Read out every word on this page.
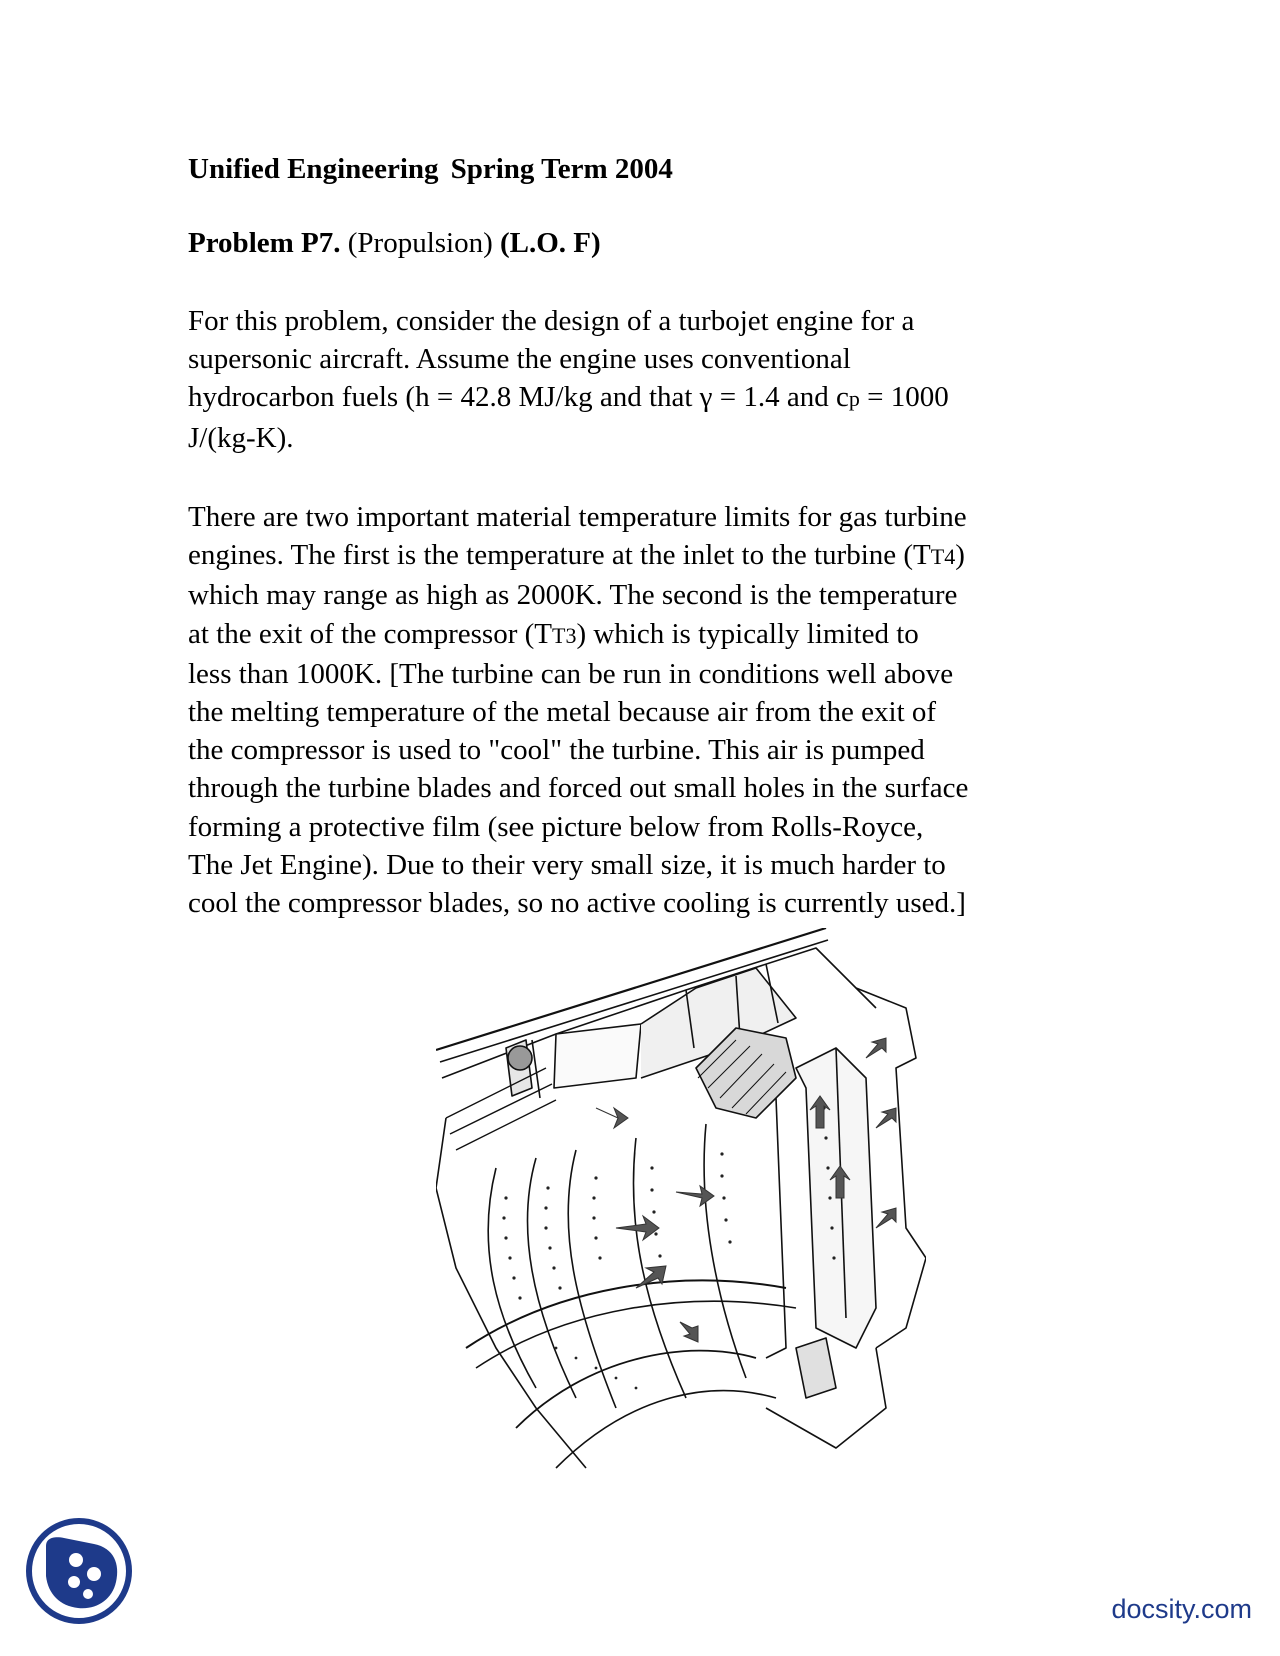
Unified Engineering Spring Term 2004
Problem P7. (Propulsion) (L.O. F)
For this problem, consider the design of a turbojet engine for a
supersonic aircraft. Assume the engine uses conventional
hydrocarbon fuels (h = 42.8 MJ/kg and that γ = 1.4 and cp = 1000
J/(kg-K).
There are two important material temperature limits for gas turbine
engines. The first is the temperature at the inlet to the turbine (TT4)
which may range as high as 2000K. The second is the temperature
at the exit of the compressor (TT3) which is typically limited to
less than 1000K. [The turbine can be run in conditions well above
the melting temperature of the metal because air from the exit of
the compressor is used to "cool" the turbine. This air is pumped
through the turbine blades and forced out small holes in the surface
forming a protective film (see picture below from Rolls-Royce,
The Jet Engine). Due to their very small size, it is much harder to
cool the compressor blades, so no active cooling is currently used.]
docsity.com
